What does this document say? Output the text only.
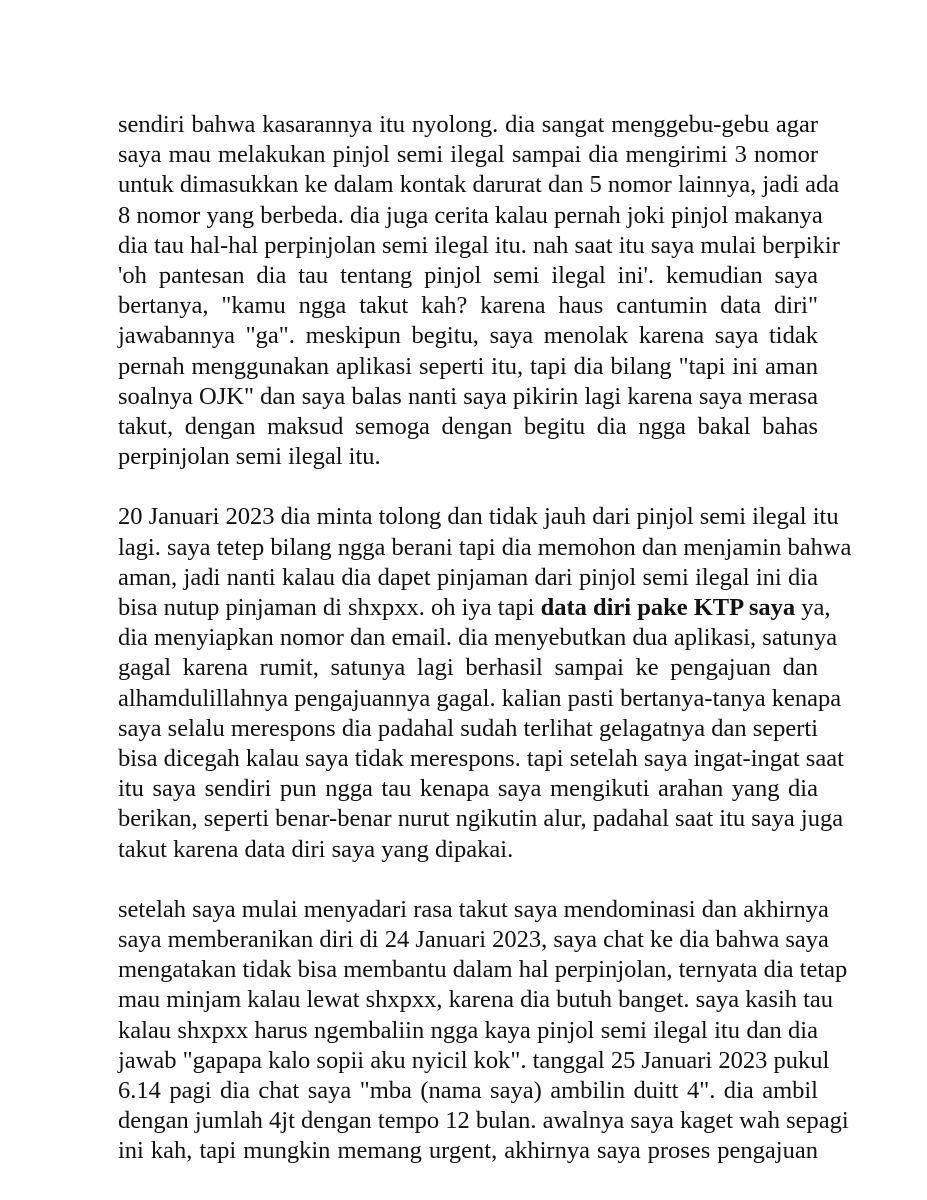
sendiri bahwa kasarannya itu nyolong. dia sangat menggebu-gebu agar
saya mau melakukan pinjol semi ilegal sampai dia mengirimi 3 nomor
untuk dimasukkan ke dalam kontak darurat dan 5 nomor lainnya, jadi ada
8 nomor yang berbeda. dia juga cerita kalau pernah joki pinjol makanya
dia tau hal-hal perpinjolan semi ilegal itu. nah saat itu saya mulai berpikir
'oh pantesan dia tau tentang pinjol semi ilegal ini'. kemudian saya
bertanya, "kamu ngga takut kah? karena haus cantumin data diri"
jawabannya "ga". meskipun begitu, saya menolak karena saya tidak
pernah menggunakan aplikasi seperti itu, tapi dia bilang "tapi ini aman
soalnya OJK" dan saya balas nanti saya pikirin lagi karena saya merasa
takut, dengan maksud semoga dengan begitu dia ngga bakal bahas
perpinjolan semi ilegal itu.
20 Januari 2023 dia minta tolong dan tidak jauh dari pinjol semi ilegal itu
lagi. saya tetep bilang ngga berani tapi dia memohon dan menjamin bahwa
aman, jadi nanti kalau dia dapet pinjaman dari pinjol semi ilegal ini dia
bisa nutup pinjaman di shxpxx. oh iya tapi data diri pake KTP saya ya,
dia menyiapkan nomor dan email. dia menyebutkan dua aplikasi, satunya
gagal karena rumit, satunya lagi berhasil sampai ke pengajuan dan
alhamdulillahnya pengajuannya gagal. kalian pasti bertanya-tanya kenapa
saya selalu merespons dia padahal sudah terlihat gelagatnya dan seperti
bisa dicegah kalau saya tidak merespons. tapi setelah saya ingat-ingat saat
itu saya sendiri pun ngga tau kenapa saya mengikuti arahan yang dia
berikan, seperti benar-benar nurut ngikutin alur, padahal saat itu saya juga
takut karena data diri saya yang dipakai.
setelah saya mulai menyadari rasa takut saya mendominasi dan akhirnya
saya memberanikan diri di 24 Januari 2023, saya chat ke dia bahwa saya
mengatakan tidak bisa membantu dalam hal perpinjolan, ternyata dia tetap
mau minjam kalau lewat shxpxx, karena dia butuh banget. saya kasih tau
kalau shxpxx harus ngembaliin ngga kaya pinjol semi ilegal itu dan dia
jawab "gapapa kalo sopii aku nyicil kok". tanggal 25 Januari 2023 pukul
6.14 pagi dia chat saya "mba (nama saya) ambilin duitt 4". dia ambil
dengan jumlah 4jt dengan tempo 12 bulan. awalnya saya kaget wah sepagi
ini kah, tapi mungkin memang urgent, akhirnya saya proses pengajuan
